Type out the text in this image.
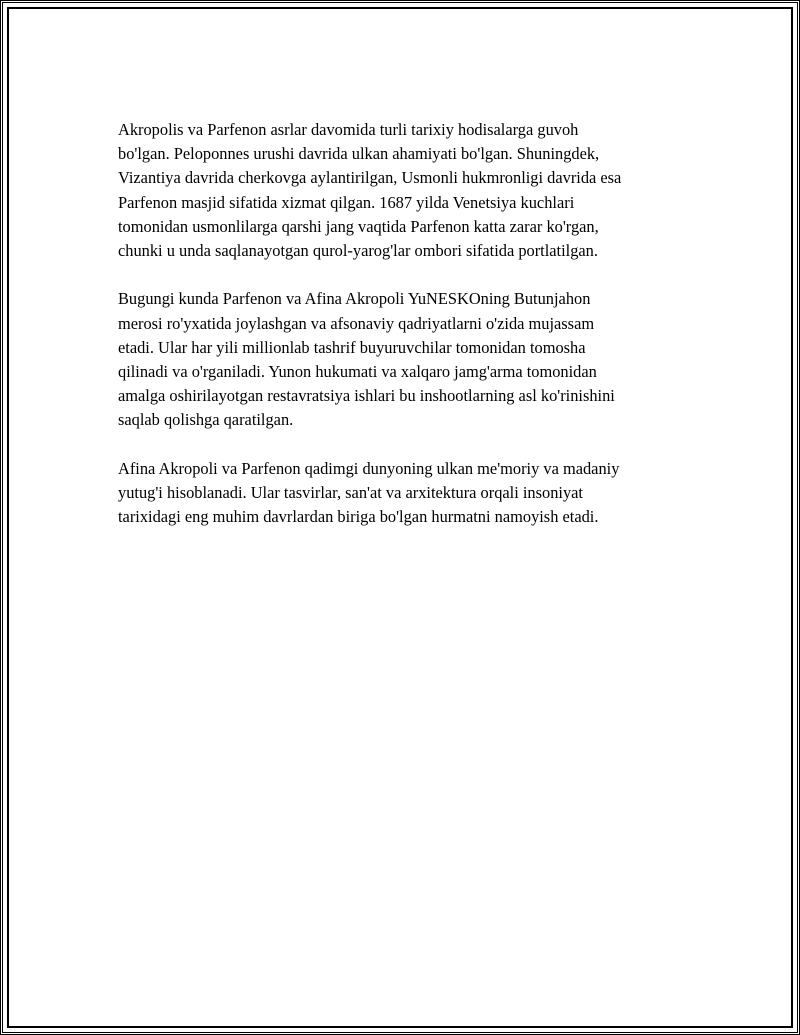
Akropolis va Parfenon asrlar davomida turli tarixiy hodisalarga guvoh
bo'lgan. Peloponnes urushi davrida ulkan ahamiyati bo'lgan. Shuningdek,
Vizantiya davrida cherkovga aylantirilgan, Usmonli hukmronligi davrida esa
Parfenon masjid sifatida xizmat qilgan. 1687 yilda Venetsiya kuchlari
tomonidan usmonlilarga qarshi jang vaqtida Parfenon katta zarar ko'rgan,
chunki u unda saqlanayotgan qurol-yarog'lar ombori sifatida portlatilgan.

Bugungi kunda Parfenon va Afina Akropoli YuNESKOning Butunjahon
merosi ro'yxatida joylashgan va afsonaviy qadriyatlarni o'zida mujassam
etadi. Ular har yili millionlab tashrif buyuruvchilar tomonidan tomosha
qilinadi va o'rganiladi. Yunon hukumati va xalqaro jamg'arma tomonidan
amalga oshirilayotgan restavratsiya ishlari bu inshootlarning asl ko'rinishini
saqlab qolishga qaratilgan.

Afina Akropoli va Parfenon qadimgi dunyoning ulkan me'moriy va madaniy
yutug'i hisoblanadi. Ular tasvirlar, san'at va arxitektura orqali insoniyat
tarixidagi eng muhim davrlardan biriga bo'lgan hurmatni namoyish etadi.
